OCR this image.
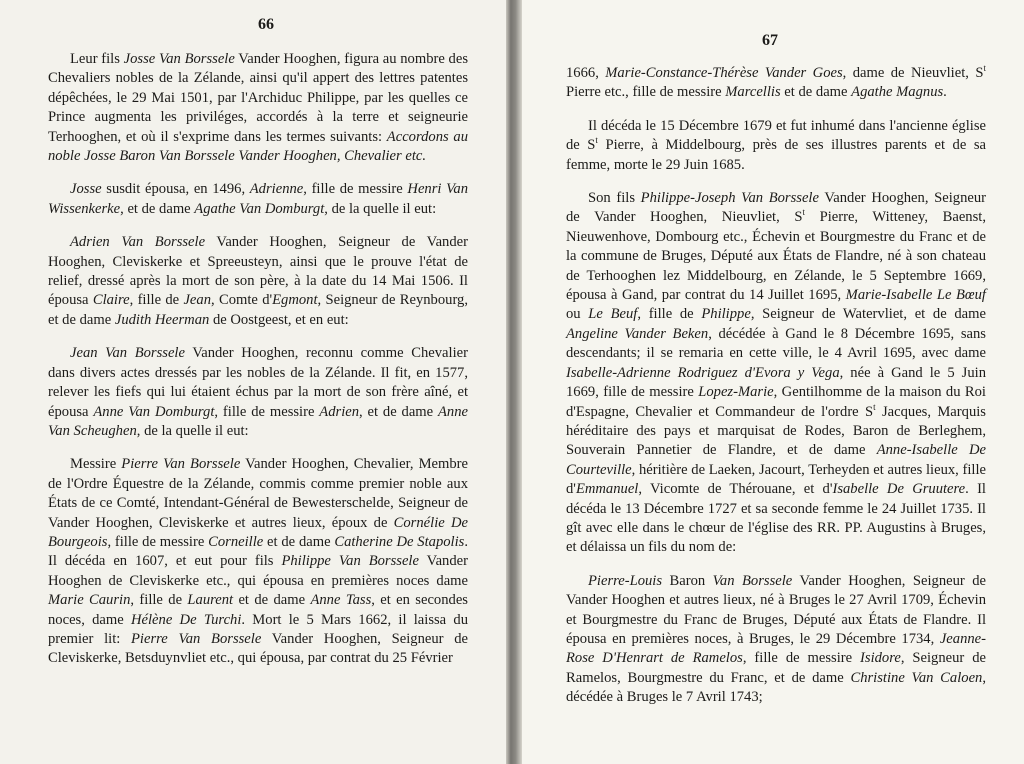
66

Leur fils Josse Van Borssele Vander Hooghen, figura au nombre des Chevaliers nobles de la Zélande, ainsi qu'il appert des lettres patentes dépêchées, le 29 Mai 1501, par l'Archiduc Philippe, par les quelles ce Prince augmenta les priviléges, accordés à la terre et seigneurie Terhooghen, et où il s'exprime dans les termes suivants: Accordons au noble Josse Baron Van Borssele Vander Hooghen, Chevalier etc.

Josse susdit épousa, en 1496, Adrienne, fille de messire Henri Van Wissenkerke, et de dame Agathe Van Domburgt, de la quelle il eut:

Adrien Van Borssele Vander Hooghen, Seigneur de Vander Hooghen, Cleviskerke et Spreeusteyn, ainsi que le prouve l'état de relief, dressé après la mort de son père, à la date du 14 Mai 1506. Il épousa Claire, fille de Jean, Comte d'Egmont, Seigneur de Reynbourg, et de dame Judith Heerman de Oostgeest, et en eut:

Jean Van Borssele Vander Hooghen, reconnu comme Chevalier dans divers actes dressés par les nobles de la Zélande. Il fit, en 1577, relever les fiefs qui lui étaient échus par la mort de son frère aîné, et épousa Anne Van Domburgt, fille de messire Adrien, et de dame Anne Van Scheughen, de la quelle il eut:

Messire Pierre Van Borssele Vander Hooghen, Chevalier, Membre de l'Ordre Équestre de la Zélande, commis comme premier noble aux États de ce Comté, Intendant-Général de Bewesterschelde, Seigneur de Vander Hooghen, Cleviskerke et autres lieux, époux de Cornélie De Bourgeois, fille de messire Corneille et de dame Catherine De Stapolis. Il décéda en 1607, et eut pour fils Philippe Van Borssele Vander Hooghen de Cleviskerke etc., qui épousa en premières noces dame Marie Caurin, fille de Laurent et de dame Anne Tass, et en secondes noces, dame Hélène De Turchi. Mort le 5 Mars 1662, il laissa du premier lit: Pierre Van Borssele Vander Hooghen, Seigneur de Cleviskerke, Betsduynvliet etc., qui épousa, par contrat du 25 Février

67

1666, Marie-Constance-Thérèse Vander Goes, dame de Nieuvliet, $S^t$ Pierre etc., fille de messire Marcellis et de dame Agathe Magnus.

Il décéda le 15 Décembre 1679 et fut inhumé dans l'ancienne église de $S^t$ Pierre, à Middelbourg, près de ses illustres parents et de sa femme, morte le 29 Juin 1685.

Son fils Philippe-Joseph Van Borssele Vander Hooghen, Seigneur de Vander Hooghen, Nieuvliet, $S^t$ Pierre, Witteney, Baenst, Nieuwenhove, Dombourg etc., Échevin et Bourgmestre du Franc et de la commune de Bruges, Député aux États de Flandre, né à son chateau de Terhooghen lez Middelbourg, en Zélande, le 5 Septembre 1669, épousa à Gand, par contrat du 14 Juillet 1695, Marie-Isabelle Le Bœuf ou Le Beuf, fille de Philippe, Seigneur de Watervliet, et de dame Angeline Vander Beken, décédée à Gand le 8 Décembre 1695, sans descendants; il se remaria en cette ville, le 4 Avril 1695, avec dame Isabelle-Adrienne Rodriguez d'Evora y Vega, née à Gand le 5 Juin 1669, fille de messire Lopez-Marie, Gentilhomme de la maison du Roi d'Espagne, Chevalier et Commandeur de l'ordre $S^t$ Jacques, Marquis héréditaire des pays et marquisat de Rodes, Baron de Berleghem, Souverain Pannetier de Flandre, et de dame Anne-Isabelle De Courteville, héritière de Laeken, Jacourt, Terheyden et autres lieux, fille d'Emmanuel, Vicomte de Thérouane, et d'Isabelle De Gruutere. Il décéda le 13 Décembre 1727 et sa seconde femme le 24 Juillet 1735. Il gît avec elle dans le chœur de l'église des RR. PP. Augustins à Bruges, et délaissa un fils du nom de:

Pierre-Louis Baron Van Borssele Vander Hooghen, Seigneur de Vander Hooghen et autres lieux, né à Bruges le 27 Avril 1709, Échevin et Bourgmestre du Franc de Bruges, Député aux États de Flandre. Il épousa en premières noces, à Bruges, le 29 Décembre 1734, Jeanne-Rose D'Henrart de Ramelos, fille de messire Isidore, Seigneur de Ramelos, Bourgmestre du Franc, et de dame Christine Van Caloen, décédée à Bruges le 7 Avril 1743;
